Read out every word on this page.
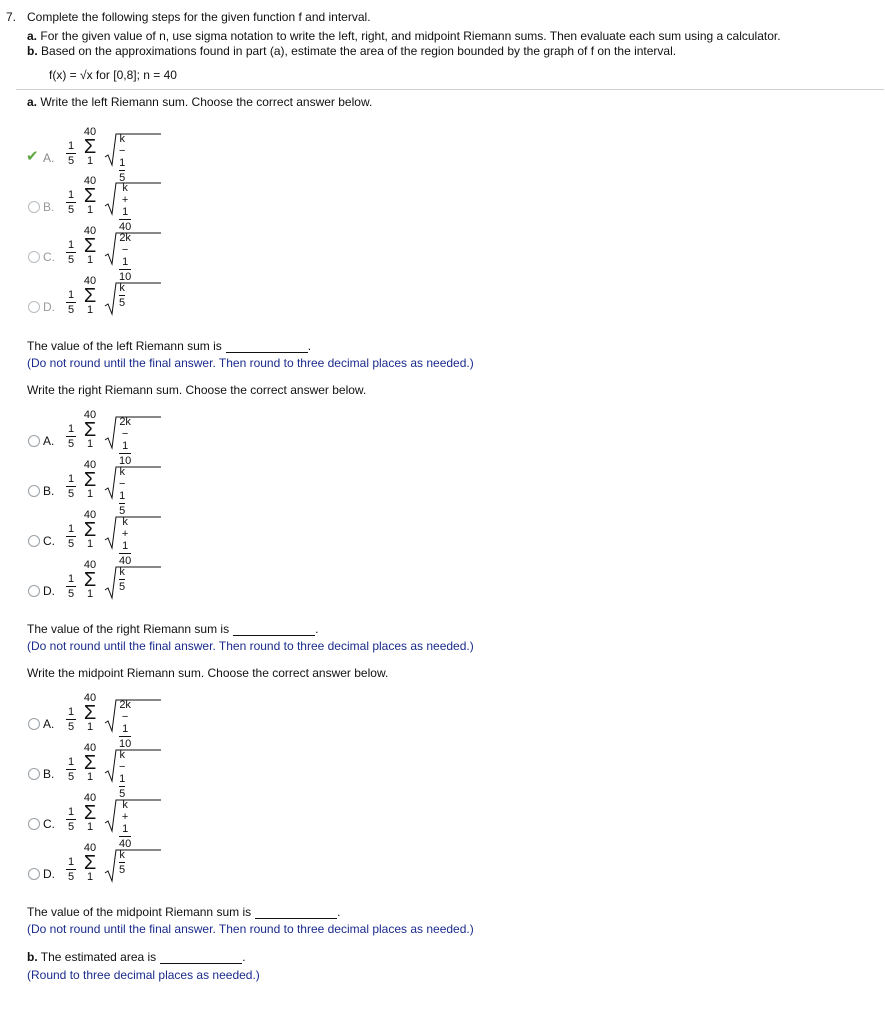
7. Complete the following steps for the given function f and interval.
a. For the given value of n, use sigma notation to write the left, right, and midpoint Riemann sums. Then evaluate each sum using a calculator.
b. Based on the approximations found in part (a), estimate the area of the region bounded by the graph of f on the interval.
f(x) = √x for [0,8]; n = 40
a. Write the left Riemann sum. Choose the correct answer below.
✔ A.
1
5
40
Σ
1
k − 1
5
B.
1
5
40
Σ
1
k + 1
40
C.
1
5
40
Σ
1
2k − 1
10
D.
1
5
40
Σ
1
k
5
The value of the left Riemann sum is	.
(Do not round until the final answer. Then round to three decimal places as needed.)
Write the right Riemann sum. Choose the correct answer below.
A.
1
5
40
Σ
1
2k − 1
10
B.
1
5
40
Σ
1
k − 1
5
C.
1
5
40
Σ
1
k + 1
40
D.
1
5
40
Σ
1
k
5
The value of the right Riemann sum is	.
(Do not round until the final answer. Then round to three decimal places as needed.)
Write the midpoint Riemann sum. Choose the correct answer below.
A.
1
5
40
Σ
1
2k − 1
10
B.
1
5
40
Σ
1
k − 1
5
C.
1
5
40
Σ
1
k + 1
40
D.
1
5
40
Σ
1
k
5
The value of the midpoint Riemann sum is	.
(Do not round until the final answer. Then round to three decimal places as needed.)
b. The estimated area is	.
(Round to three decimal places as needed.)
